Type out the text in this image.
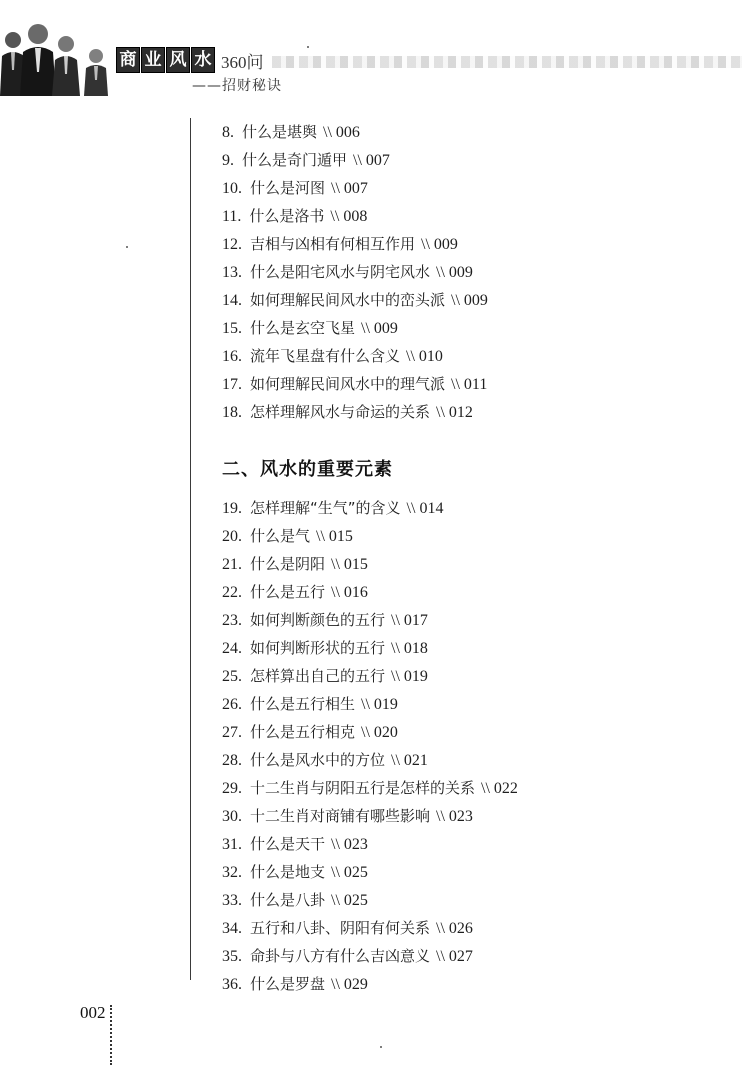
商 业 风 水 360问
——招财秘诀
8. 什么是堪舆 \\ 006
9. 什么是奇门遁甲 \\ 007
10. 什么是河图 \\ 007
11. 什么是洛书 \\ 008
12. 吉相与凶相有何相互作用 \\ 009
13. 什么是阳宅风水与阴宅风水 \\ 009
14. 如何理解民间风水中的峦头派 \\ 009
15. 什么是玄空飞星 \\ 009
16. 流年飞星盘有什么含义 \\ 010
17. 如何理解民间风水中的理气派 \\ 011
18. 怎样理解风水与命运的关系 \\ 012
二、风水的重要元素
19. 怎样理解“生气”的含义 \\ 014
20. 什么是气 \\ 015
21. 什么是阴阳 \\ 015
22. 什么是五行 \\ 016
23. 如何判断颜色的五行 \\ 017
24. 如何判断形状的五行 \\ 018
25. 怎样算出自己的五行 \\ 019
26. 什么是五行相生 \\ 019
27. 什么是五行相克 \\ 020
28. 什么是风水中的方位 \\ 021
29. 十二生肖与阴阳五行是怎样的关系 \\ 022
30. 十二生肖对商铺有哪些影响 \\ 023
31. 什么是天干 \\ 023
32. 什么是地支 \\ 025
33. 什么是八卦 \\ 025
34. 五行和八卦、阴阳有何关系 \\ 026
35. 命卦与八方有什么吉凶意义 \\ 027
36. 什么是罗盘 \\ 029
002
